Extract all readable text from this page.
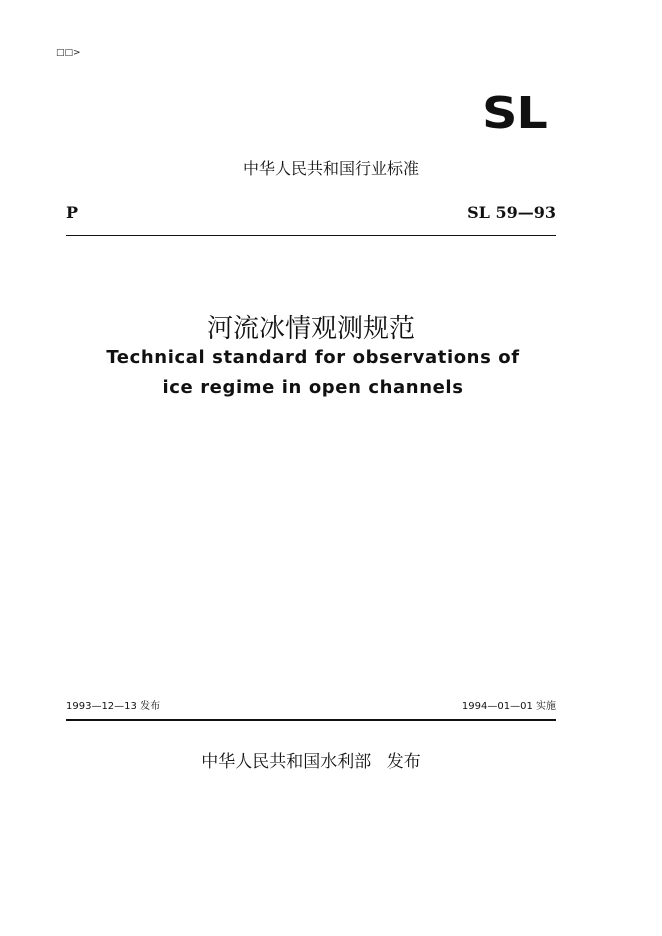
□□>
SL
中华人民共和国行业标准
P	SL 59—93
河流冰情观测规范
Technical standard for observations of
ice regime in open channels
1993—12—13 发布	1994—01—01 实施
中华人民共和国水利部 发布
